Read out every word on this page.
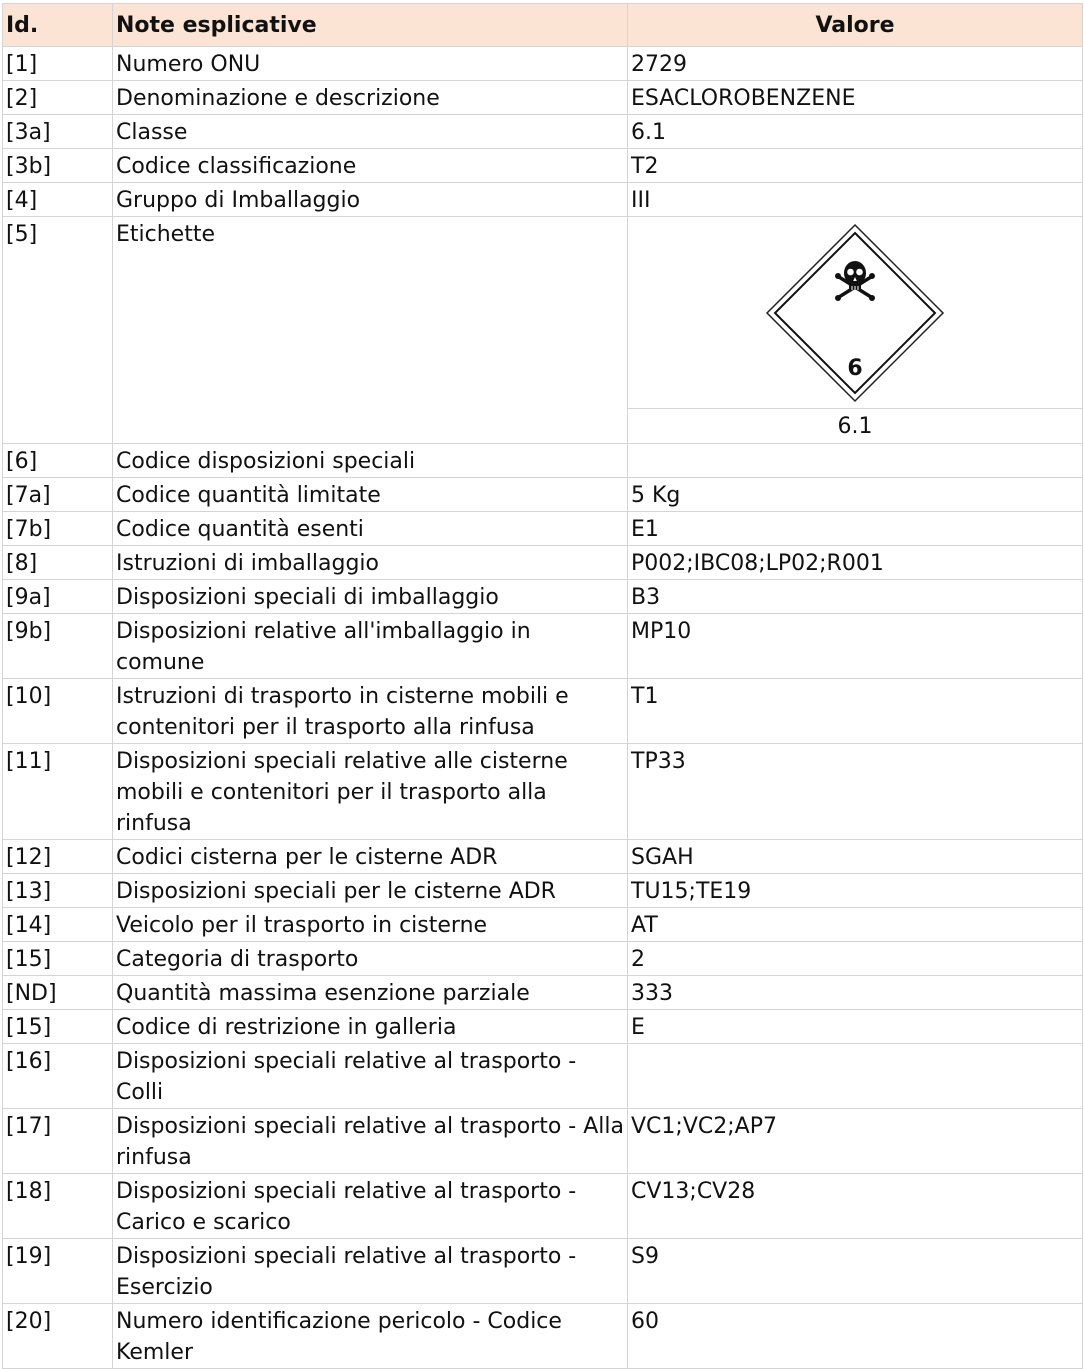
Id.	Note esplicative	Valore
[1]	Numero ONU	2729
[2]	Denominazione e descrizione	ESACLOROBENZENE
[3a]	Classe	6.1
[3b]	Codice classificazione	T2
[4]	Gruppo di Imballaggio	III
[5]	Etichette	6
6.1

[6]	Codice disposizioni speciali	
[7a]	Codice quantità limitate	5 Kg
[7b]	Codice quantità esenti	E1
[8]	Istruzioni di imballaggio	P002;IBC08;LP02;R001
[9a]	Disposizioni speciali di imballaggio	B3
[9b]	Disposizioni relative all'imballaggio in comune	MP10
[10]	Istruzioni di trasporto in cisterne mobili e contenitori per il trasporto alla rinfusa	T1
[11]	Disposizioni speciali relative alle cisterne mobili e contenitori per il trasporto alla rinfusa	TP33
[12]	Codici cisterna per le cisterne ADR	SGAH
[13]	Disposizioni speciali per le cisterne ADR	TU15;TE19
[14]	Veicolo per il trasporto in cisterne	AT
[15]	Categoria di trasporto	2
[ND]	Quantità massima esenzione parziale	333
[15]	Codice di restrizione in galleria	E
[16]	Disposizioni speciali relative al trasporto - Colli	
[17]	Disposizioni speciali relative al trasporto - Alla rinfusa	VC1;VC2;AP7
[18]	Disposizioni speciali relative al trasporto - Carico e scarico	CV13;CV28
[19]	Disposizioni speciali relative al trasporto - Esercizio	S9
[20]	Numero identificazione pericolo - Codice Kemler	60
